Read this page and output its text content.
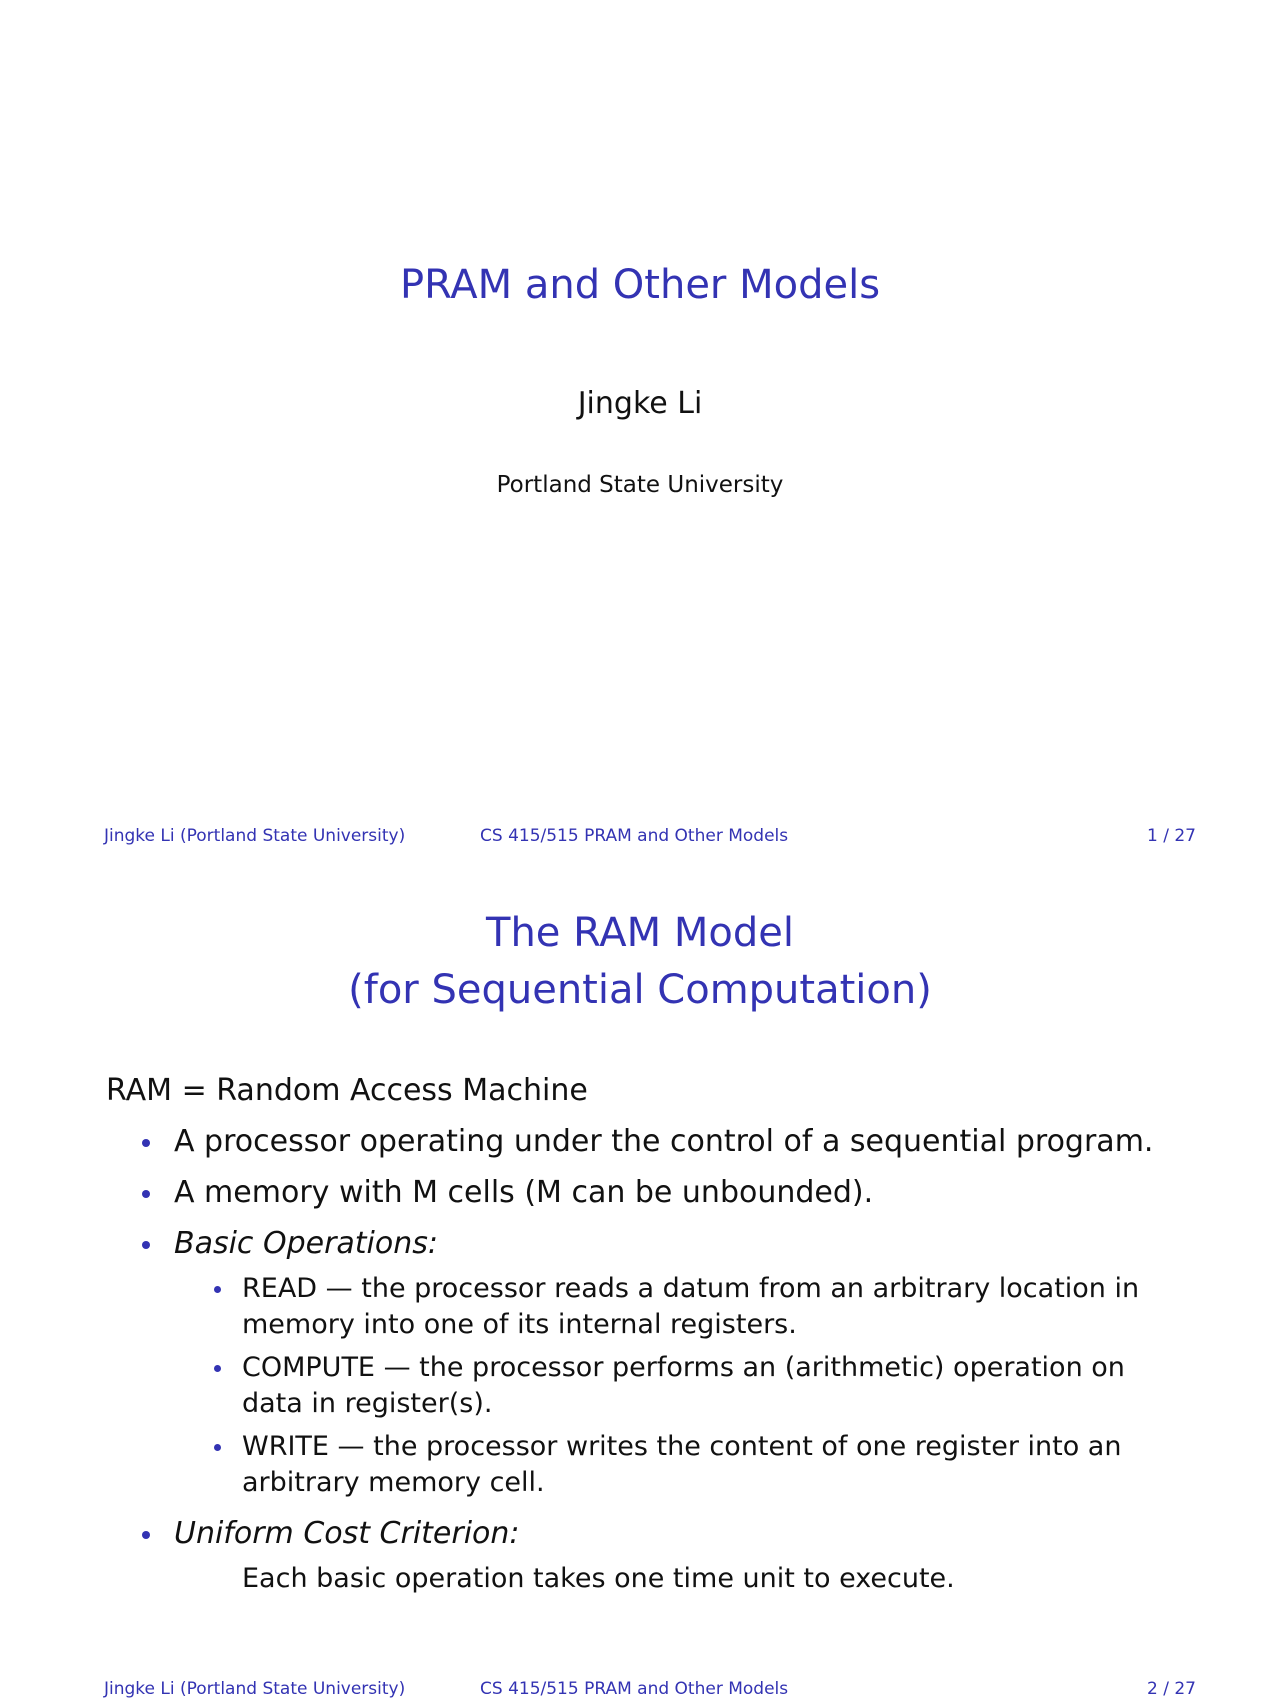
PRAM and Other Models
Jingke Li
Portland State University
Jingke Li (Portland State University)	CS 415/515 PRAM and Other Models	1 / 27
The RAM Model
(for Sequential Computation)
RAM = Random Access Machine
A processor operating under the control of a sequential program.
A memory with M cells (M can be unbounded).
Basic Operations:
READ — the processor reads a datum from an arbitrary location in memory into one of its internal registers.
COMPUTE — the processor performs an (arithmetic) operation on data in register(s).
WRITE — the processor writes the content of one register into an arbitrary memory cell.
Uniform Cost Criterion:
Each basic operation takes one time unit to execute.
Jingke Li (Portland State University)	CS 415/515 PRAM and Other Models	2 / 27
